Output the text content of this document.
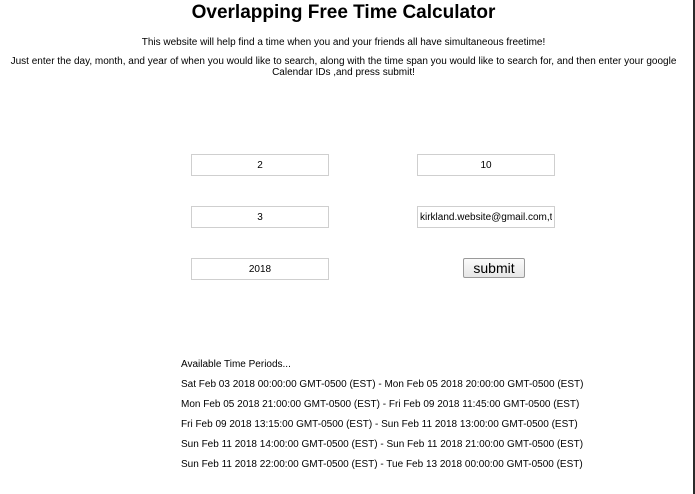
Overlapping Free Time Calculator
This website will help find a time when you and your friends all have simultaneous freetime!
Just enter the day, month, and year of when you would like to search, along with the time span you would like to search for, and then enter your google Calendar IDs ,and press submit!
2
3
2018
10
kirkland.website@gmail.com,tu
submit
Available Time Periods...
Sat Feb 03 2018 00:00:00 GMT-0500 (EST) - Mon Feb 05 2018 20:00:00 GMT-0500 (EST)
Mon Feb 05 2018 21:00:00 GMT-0500 (EST) - Fri Feb 09 2018 11:45:00 GMT-0500 (EST)
Fri Feb 09 2018 13:15:00 GMT-0500 (EST) - Sun Feb 11 2018 13:00:00 GMT-0500 (EST)
Sun Feb 11 2018 14:00:00 GMT-0500 (EST) - Sun Feb 11 2018 21:00:00 GMT-0500 (EST)
Sun Feb 11 2018 22:00:00 GMT-0500 (EST) - Tue Feb 13 2018 00:00:00 GMT-0500 (EST)
